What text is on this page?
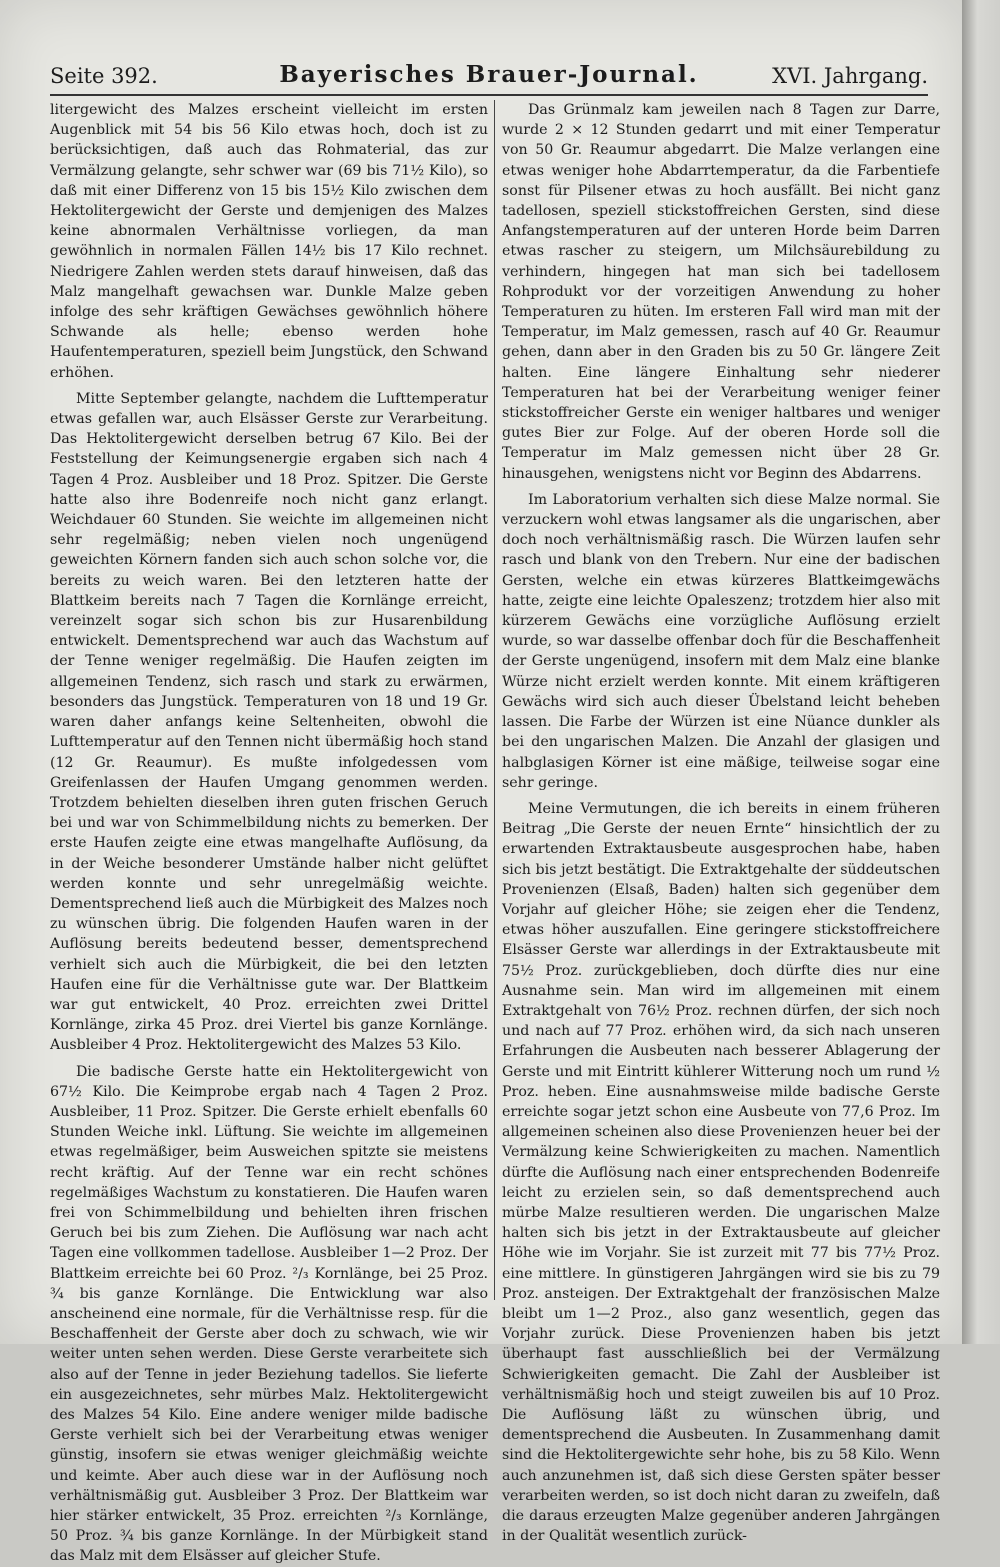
Seite 392.	Bayerisches Brauer-Journal.	XVI. Jahrgang.

litergewicht des Malzes erscheint vielleicht im ersten Augenblick mit 54 bis 56 Kilo etwas hoch, doch ist zu berücksichtigen, daß auch das Rohmaterial, das zur Vermälzung gelangte, sehr schwer war (69 bis 71½ Kilo), so daß mit einer Differenz von 15 bis 15½ Kilo zwischen dem Hektolitergewicht der Gerste und demjenigen des Malzes keine abnormalen Verhältnisse vorliegen, da man gewöhnlich in normalen Fällen 14½ bis 17 Kilo rechnet. Niedrigere Zahlen werden stets darauf hinweisen, daß das Malz mangelhaft gewachsen war. Dunkle Malze geben infolge des sehr kräftigen Gewächses gewöhnlich höhere Schwande als helle; ebenso werden hohe Haufentemperaturen, speziell beim Jungstück, den Schwand erhöhen.

Mitte September gelangte, nachdem die Lufttemperatur etwas gefallen war, auch Elsässer Gerste zur Verarbeitung. Das Hektolitergewicht derselben betrug 67 Kilo. Bei der Feststellung der Keimungsenergie ergaben sich nach 4 Tagen 4 Proz. Ausbleiber und 18 Proz. Spitzer. Die Gerste hatte also ihre Bodenreife noch nicht ganz erlangt. Weichdauer 60 Stunden. Sie weichte im allgemeinen nicht sehr regelmäßig; neben vielen noch ungenügend geweichten Körnern fanden sich auch schon solche vor, die bereits zu weich waren. Bei den letzteren hatte der Blattkeim bereits nach 7 Tagen die Kornlänge erreicht, vereinzelt sogar sich schon bis zur Husarenbildung entwickelt. Dementsprechend war auch das Wachstum auf der Tenne weniger regelmäßig. Die Haufen zeigten im allgemeinen Tendenz, sich rasch und stark zu erwärmen, besonders das Jungstück. Temperaturen von 18 und 19 Gr. waren daher anfangs keine Seltenheiten, obwohl die Lufttemperatur auf den Tennen nicht übermäßig hoch stand (12 Gr. Reaumur). Es mußte infolgedessen vom Greifenlassen der Haufen Umgang genommen werden. Trotzdem behielten dieselben ihren guten frischen Geruch bei und war von Schimmelbildung nichts zu bemerken. Der erste Haufen zeigte eine etwas mangelhafte Auflösung, da in der Weiche besonderer Umstände halber nicht gelüftet werden konnte und sehr unregelmäßig weichte. Dementsprechend ließ auch die Mürbigkeit des Malzes noch zu wünschen übrig. Die folgenden Haufen waren in der Auflösung bereits bedeutend besser, dementsprechend verhielt sich auch die Mürbigkeit, die bei den letzten Haufen eine für die Verhältnisse gute war. Der Blattkeim war gut entwickelt, 40 Proz. erreichten zwei Drittel Kornlänge, zirka 45 Proz. drei Viertel bis ganze Kornlänge. Ausbleiber 4 Proz. Hektolitergewicht des Malzes 53 Kilo.

Die badische Gerste hatte ein Hektolitergewicht von 67½ Kilo. Die Keimprobe ergab nach 4 Tagen 2 Proz. Ausbleiber, 11 Proz. Spitzer. Die Gerste erhielt ebenfalls 60 Stunden Weiche inkl. Lüftung. Sie weichte im allgemeinen etwas regelmäßiger, beim Ausweichen spitzte sie meistens recht kräftig. Auf der Tenne war ein recht schönes regelmäßiges Wachstum zu konstatieren. Die Haufen waren frei von Schimmelbildung und behielten ihren frischen Geruch bei bis zum Ziehen. Die Auflösung war nach acht Tagen eine vollkommen tadellose. Ausbleiber 1—2 Proz. Der Blattkeim erreichte bei 60 Proz. ²/₃ Kornlänge, bei 25 Proz. ¾ bis ganze Kornlänge. Die Entwicklung war also anscheinend eine normale, für die Verhältnisse resp. für die Beschaffenheit der Gerste aber doch zu schwach, wie wir weiter unten sehen werden. Diese Gerste verarbeitete sich also auf der Tenne in jeder Beziehung tadellos. Sie lieferte ein ausgezeichnetes, sehr mürbes Malz. Hektolitergewicht des Malzes 54 Kilo. Eine andere weniger milde badische Gerste verhielt sich bei der Verarbeitung etwas weniger günstig, insofern sie etwas weniger gleichmäßig weichte und keimte. Aber auch diese war in der Auflösung noch verhältnismäßig gut. Ausbleiber 3 Proz. Der Blattkeim war hier stärker entwickelt, 35 Proz. erreichten ²/₃ Kornlänge, 50 Proz. ¾ bis ganze Kornlänge. In der Mürbigkeit stand das Malz mit dem Elsässer auf gleicher Stufe.

Das Grünmalz kam jeweilen nach 8 Tagen zur Darre, wurde 2 × 12 Stunden gedarrt und mit einer Temperatur von 50 Gr. Reaumur abgedarrt. Die Malze verlangen eine etwas weniger hohe Abdarrtemperatur, da die Farbentiefe sonst für Pilsener etwas zu hoch ausfällt. Bei nicht ganz tadellosen, speziell stickstoffreichen Gersten, sind diese Anfangstemperaturen auf der unteren Horde beim Darren etwas rascher zu steigern, um Milchsäurebildung zu verhindern, hingegen hat man sich bei tadellosem Rohprodukt vor der vorzeitigen Anwendung zu hoher Temperaturen zu hüten. Im ersteren Fall wird man mit der Temperatur, im Malz gemessen, rasch auf 40 Gr. Reaumur gehen, dann aber in den Graden bis zu 50 Gr. längere Zeit halten. Eine längere Einhaltung sehr niederer Temperaturen hat bei der Verarbeitung weniger feiner stickstoffreicher Gerste ein weniger haltbares und weniger gutes Bier zur Folge. Auf der oberen Horde soll die Temperatur im Malz gemessen nicht über 28 Gr. hinausgehen, wenigstens nicht vor Beginn des Abdarrens.

Im Laboratorium verhalten sich diese Malze normal. Sie verzuckern wohl etwas langsamer als die ungarischen, aber doch noch verhältnismäßig rasch. Die Würzen laufen sehr rasch und blank von den Trebern. Nur eine der badischen Gersten, welche ein etwas kürzeres Blattkeimgewächs hatte, zeigte eine leichte Opaleszenz; trotzdem hier also mit kürzerem Gewächs eine vorzügliche Auflösung erzielt wurde, so war dasselbe offenbar doch für die Beschaffenheit der Gerste ungenügend, insofern mit dem Malz eine blanke Würze nicht erzielt werden konnte. Mit einem kräftigeren Gewächs wird sich auch dieser Übelstand leicht beheben lassen. Die Farbe der Würzen ist eine Nüance dunkler als bei den ungarischen Malzen. Die Anzahl der glasigen und halbglasigen Körner ist eine mäßige, teilweise sogar eine sehr geringe.

Meine Vermutungen, die ich bereits in einem früheren Beitrag „Die Gerste der neuen Ernte“ hinsichtlich der zu erwartenden Extraktausbeute ausgesprochen habe, haben sich bis jetzt bestätigt. Die Extraktgehalte der süddeutschen Provenienzen (Elsaß, Baden) halten sich gegenüber dem Vorjahr auf gleicher Höhe; sie zeigen eher die Tendenz, etwas höher auszufallen. Eine geringere stickstoffreichere Elsässer Gerste war allerdings in der Extraktausbeute mit 75½ Proz. zurückgeblieben, doch dürfte dies nur eine Ausnahme sein. Man wird im allgemeinen mit einem Extraktgehalt von 76½ Proz. rechnen dürfen, der sich noch und nach auf 77 Proz. erhöhen wird, da sich nach unseren Erfahrungen die Ausbeuten nach besserer Ablagerung der Gerste und mit Eintritt kühlerer Witterung noch um rund ½ Proz. heben. Eine ausnahmsweise milde badische Gerste erreichte sogar jetzt schon eine Ausbeute von 77,6 Proz. Im allgemeinen scheinen also diese Provenienzen heuer bei der Vermälzung keine Schwierigkeiten zu machen. Namentlich dürfte die Auflösung nach einer entsprechenden Bodenreife leicht zu erzielen sein, so daß dementsprechend auch mürbe Malze resultieren werden. Die ungarischen Malze halten sich bis jetzt in der Extraktausbeute auf gleicher Höhe wie im Vorjahr. Sie ist zurzeit mit 77 bis 77½ Proz. eine mittlere. In günstigeren Jahrgängen wird sie bis zu 79 Proz. ansteigen. Der Extraktgehalt der französischen Malze bleibt um 1—2 Proz., also ganz wesentlich, gegen das Vorjahr zurück. Diese Provenienzen haben bis jetzt überhaupt fast ausschließlich bei der Vermälzung Schwierigkeiten gemacht. Die Zahl der Ausbleiber ist verhältnismäßig hoch und steigt zuweilen bis auf 10 Proz. Die Auflösung läßt zu wünschen übrig, und dementsprechend die Ausbeuten. In Zusammenhang damit sind die Hektolitergewichte sehr hohe, bis zu 58 Kilo. Wenn auch anzunehmen ist, daß sich diese Gersten später besser verarbeiten werden, so ist doch nicht daran zu zweifeln, daß die daraus erzeugten Malze gegenüber anderen Jahrgängen in der Qualität wesentlich zurück-
